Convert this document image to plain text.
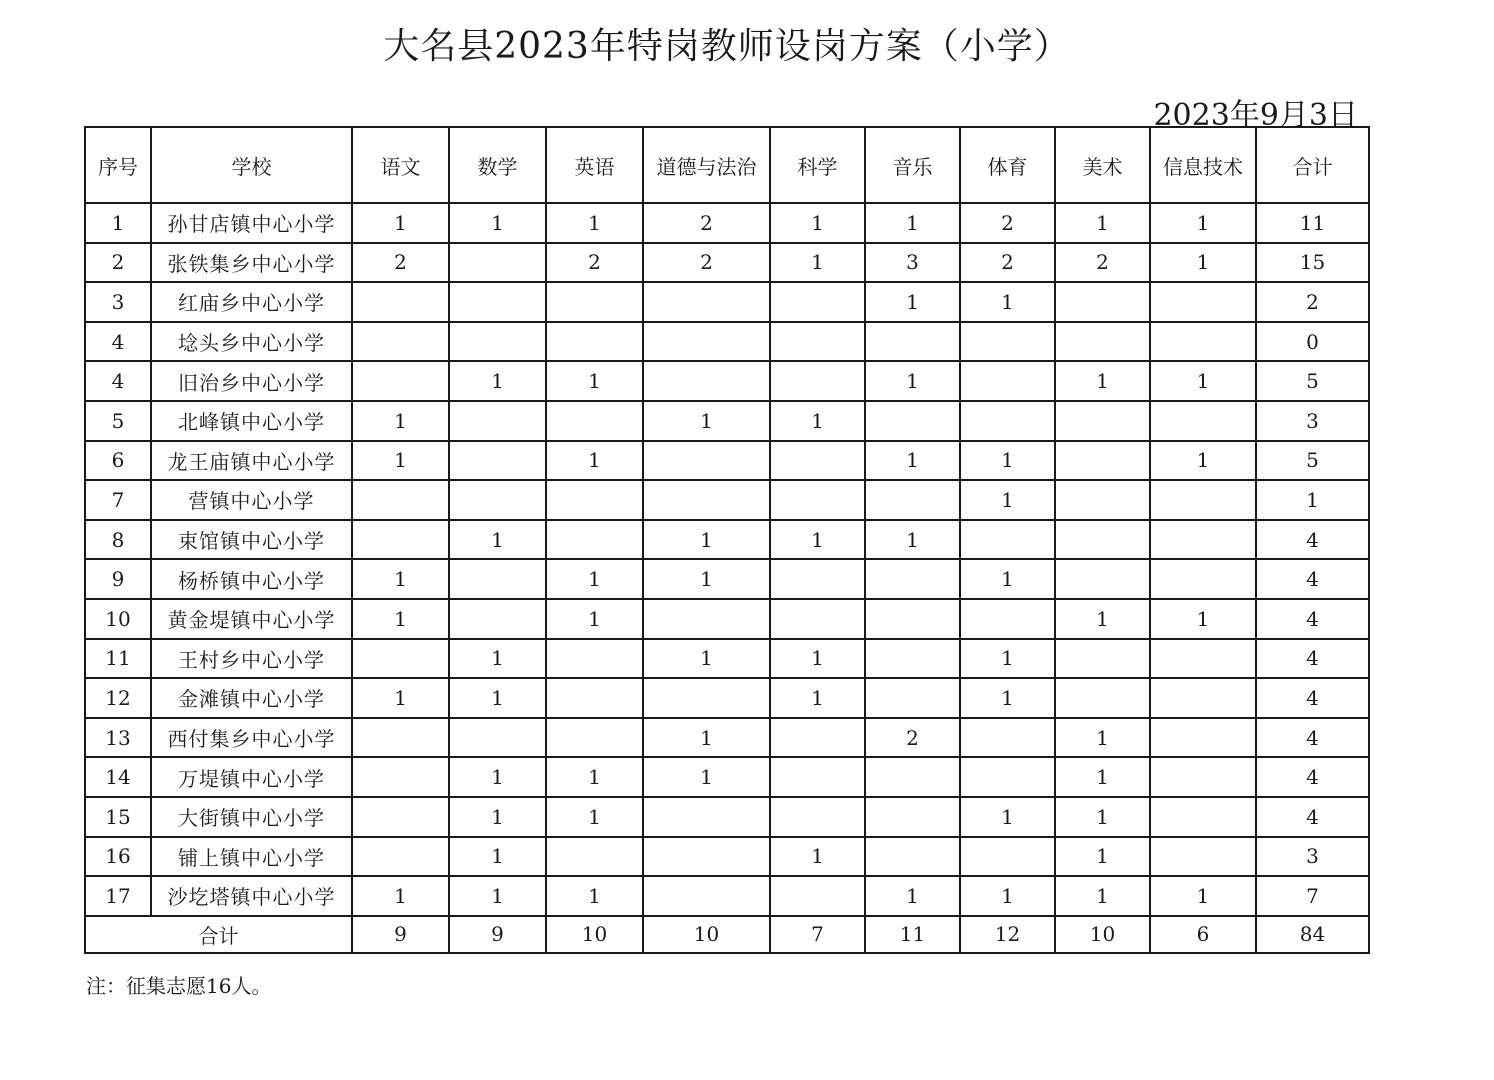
大名县2023年特岗教师设岗方案（小学）
2023年9月3日
序号	学校	语文	数学	英语	道德与法治	科学	音乐	体育	美术	信息技术	合计
1	孙甘店镇中心小学	1	1	1	2	1	1	2	1	1	11
2	张铁集乡中心小学	2		2	2	1	3	2	2	1	15
3	红庙乡中心小学						1	1			2
4	埝头乡中心小学										0
4	旧治乡中心小学		1	1			1		1	1	5
5	北峰镇中心小学	1			1	1					3
6	龙王庙镇中心小学	1		1			1	1		1	5
7	营镇中心小学							1			1
8	束馆镇中心小学		1		1	1	1				4
9	杨桥镇中心小学	1		1	1			1			4
10	黄金堤镇中心小学	1		1					1	1	4
11	王村乡中心小学		1		1	1		1			4
12	金滩镇中心小学	1	1			1		1			4
13	西付集乡中心小学				1		2		1		4
14	万堤镇中心小学		1	1	1				1		4
15	大街镇中心小学		1	1				1	1		4
16	铺上镇中心小学		1			1			1		3
17	沙圪塔镇中心小学	1	1	1			1	1	1	1	7
合计		9	9	10	10	7	11	12	10	6	84
注：征集志愿16人。
